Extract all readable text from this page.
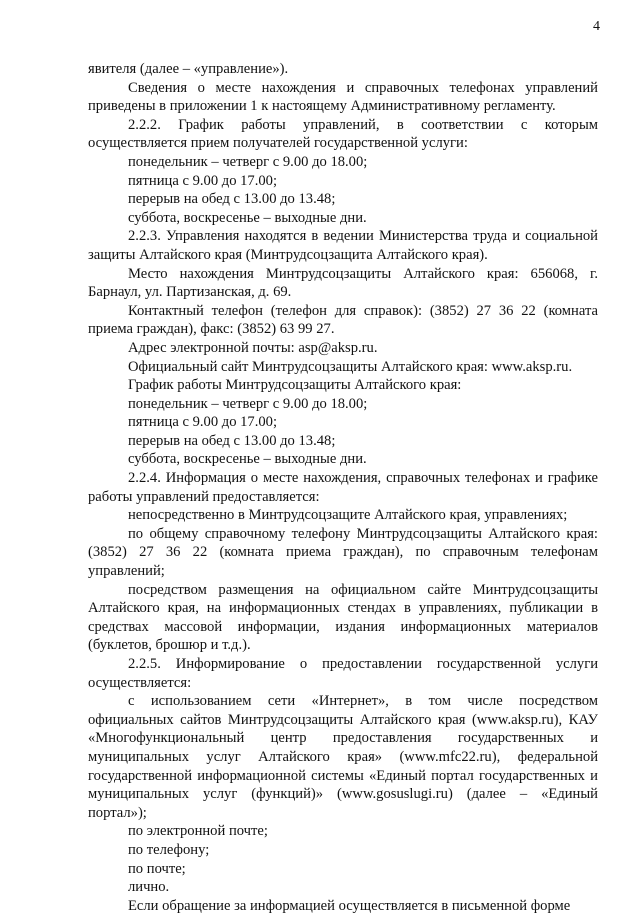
4

явителя (далее – «управление»).

Сведения о месте нахождения и справочных телефонах управлений приведены в приложении 1 к настоящему Административному регламенту.

2.2.2. График работы управлений, в соответствии с которым осуществляется прием получателей государственной услуги:

понедельник – четверг с 9.00 до 18.00;

пятница с 9.00 до 17.00;

перерыв на обед с 13.00 до 13.48;

суббота, воскресенье – выходные дни.

2.2.3. Управления находятся в ведении Министерства труда и социальной защиты Алтайского края (Минтрудсоцзащита Алтайского края).

Место нахождения Минтрудсоцзащиты Алтайского края: 656068, г. Барнаул, ул. Партизанская, д. 69.

Контактный телефон (телефон для справок): (3852) 27 36 22 (комната приема граждан), факс: (3852) 63 99 27.

Адрес электронной почты: asp@aksp.ru.

Официальный сайт Минтрудсоцзащиты Алтайского края: www.aksp.ru.

График работы Минтрудсоцзащиты Алтайского края:

понедельник – четверг с 9.00 до 18.00;

пятница с 9.00 до 17.00;

перерыв на обед с 13.00 до 13.48;

суббота, воскресенье – выходные дни.

2.2.4. Информация о месте нахождения, справочных телефонах и графике работы управлений предоставляется:

непосредственно в Минтрудсоцзащите Алтайского края, управлениях;

по общему справочному телефону Минтрудсоцзащиты Алтайского края: (3852) 27 36 22 (комната приема граждан), по справочным телефонам управлений;

посредством размещения на официальном сайте Минтрудсоцзащиты Алтайского края, на информационных стендах в управлениях, публикации в средствах массовой информации, издания информационных материалов (буклетов, брошюр и т.д.).

2.2.5. Информирование о предоставлении государственной услуги осуществляется:

с использованием сети «Интернет», в том числе посредством официальных сайтов Минтрудсоцзащиты Алтайского края (www.aksp.ru), КАУ «Многофункциональный центр предоставления государственных и муниципальных услуг Алтайского края» (www.mfc22.ru), федеральной государственной информационной системы «Единый портал государственных и муниципальных услуг (функций)» (www.gosuslugi.ru) (далее – «Единый портал»);

по электронной почте;

по телефону;

по почте;

лично.

Если обращение за информацией осуществляется в письменной форме
